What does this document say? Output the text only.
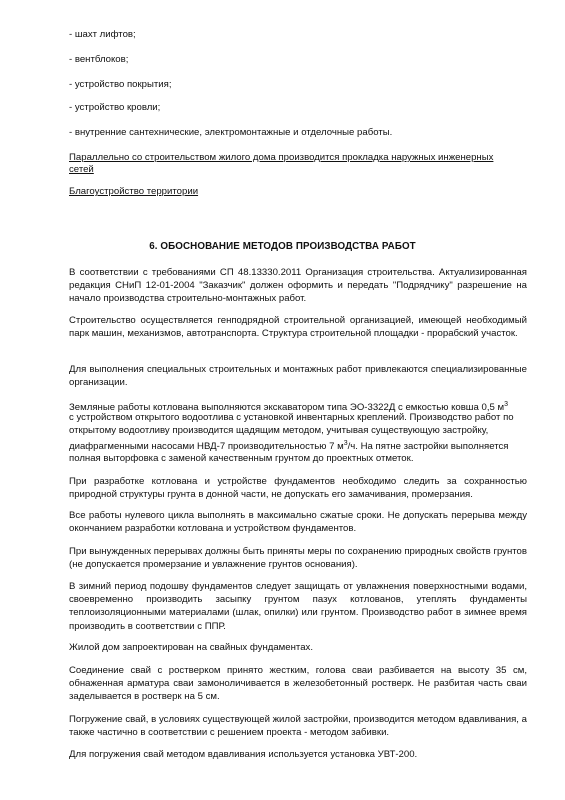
- шахт лифтов;
- вентблоков;
- устройство покрытия;
- устройство кровли;
- внутренние сантехнические, электромонтажные и отделочные работы.
Параллельно со строительством жилого дома производится прокладка наружных инженерных
сетей
Благоустройство территории
6. ОБОСНОВАНИЕ МЕТОДОВ ПРОИЗВОДСТВА РАБОТ
В соответствии с требованиями СП 48.13330.2011 Организация строительства. Актуализированная редакция СНиП 12-01-2004 "Заказчик" должен оформить и передать "Подрядчику" разрешение на начало производства строительно-монтажных работ.
Строительство осуществляется генподрядной строительной организацией, имеющей необходимый парк машин, механизмов, автотранспорта. Структура строительной площадки - прорабский участок.
Для выполнения специальных строительных и монтажных работ привлекаются специализированные организации.
Земляные работы котлована выполняются экскаватором типа ЭО-3322Д с емкостью ковша 0,5 $м^3$
с устройством открытого водоотлива с установкой инвентарных креплений. Производство работ по
открытому водоотливу производится щадящим методом, учитывая существующую застройку,
диафрагменными насосами НВД-7 производительностью 7 $м^3/ч$. На пятне застройки выполняется
полная выторфовка с заменой качественным грунтом до проектных отметок.
При разработке котлована и устройстве фундаментов необходимо следить за сохранностью природной структуры грунта в донной части, не допускать его замачивания, промерзания.
Все работы нулевого цикла выполнять в максимально сжатые сроки. Не допускать перерыва между окончанием разработки котлована и устройством фундаментов.
При вынужденных перерывах должны быть приняты меры по сохранению природных свойств грунтов (не допускается промерзание и увлажнение грунтов основания).
В зимний период подошву фундаментов следует защищать от увлажнения поверхностными водами, своевременно производить засыпку грунтом пазух котлованов, утеплять фундаменты теплоизоляционными материалами (шлак, опилки) или грунтом. Производство работ в зимнее время производить в соответствии с ППР.
Жилой дом запроектирован на свайных фундаментах.
Соединение свай с ростверком принято жестким, голова сваи разбивается на высоту 35 см, обнаженная арматура сваи замоноличивается в железобетонный ростверк. Не разбитая часть сваи заделывается в ростверк на 5 см.
Погружение свай, в условиях существующей жилой застройки, производится методом вдавливания, а также частично в соответствии с решением проекта - методом забивки.
Для погружения свай методом вдавливания используется установка УВТ-200.
